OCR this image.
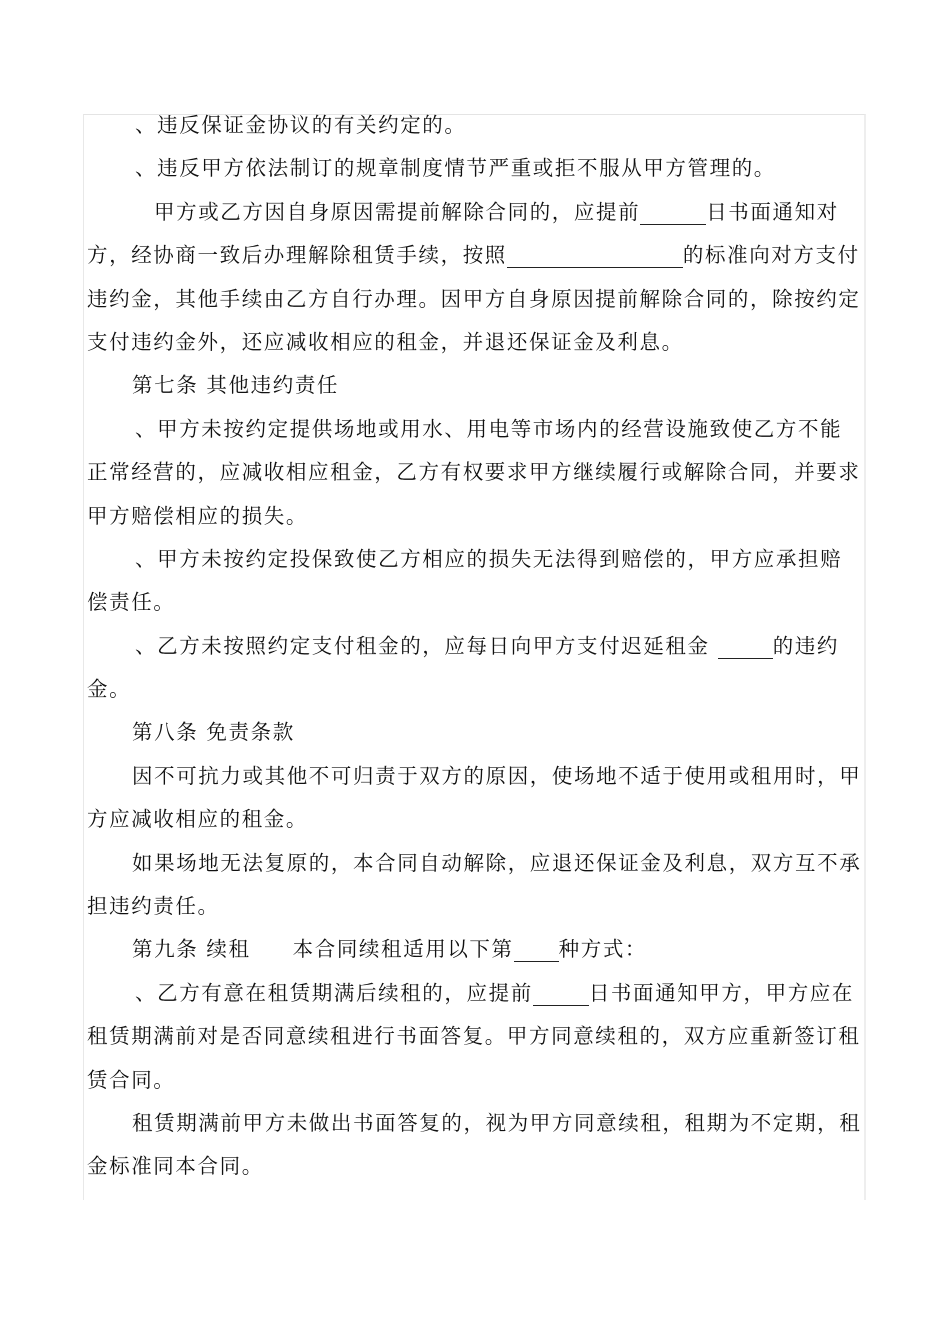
、违反保证金协议的有关约定的。
、违反甲方依法制订的规章制度情节严重或拒不服从甲方管理的。
甲方或乙方因自身原因需提前解除合同的，应提前	日书面通知对
方，经协商一致后办理解除租赁手续，按照	的标准向对方支付
违约金，其他手续由乙方自行办理。因甲方自身原因提前解除合同的，除按约定
支付违约金外，还应减收相应的租金，并退还保证金及利息。
第七条 其他违约责任
、甲方未按约定提供场地或用水、用电等市场内的经营设施致使乙方不能
正常经营的，应减收相应租金，乙方有权要求甲方继续履行或解除合同，并要求
甲方赔偿相应的损失。
、甲方未按约定投保致使乙方相应的损失无法得到赔偿的，甲方应承担赔
偿责任。
、乙方未按照约定支付租金的，应每日向甲方支付迟延租金	的违约
金。
第八条 免责条款
因不可抗力或其他不可归责于双方的原因，使场地不适于使用或租用时，甲
方应减收相应的租金。
如果场地无法复原的，本合同自动解除，应退还保证金及利息，双方互不承
担违约责任。
第九条 续租 本合同续租适用以下第 种方式：
、乙方有意在租赁期满后续租的，应提前	日书面通知甲方，甲方应在
租赁期满前对是否同意续租进行书面答复。甲方同意续租的，双方应重新签订租
赁合同。
租赁期满前甲方未做出书面答复的，视为甲方同意续租，租期为不定期，租
金标准同本合同。
